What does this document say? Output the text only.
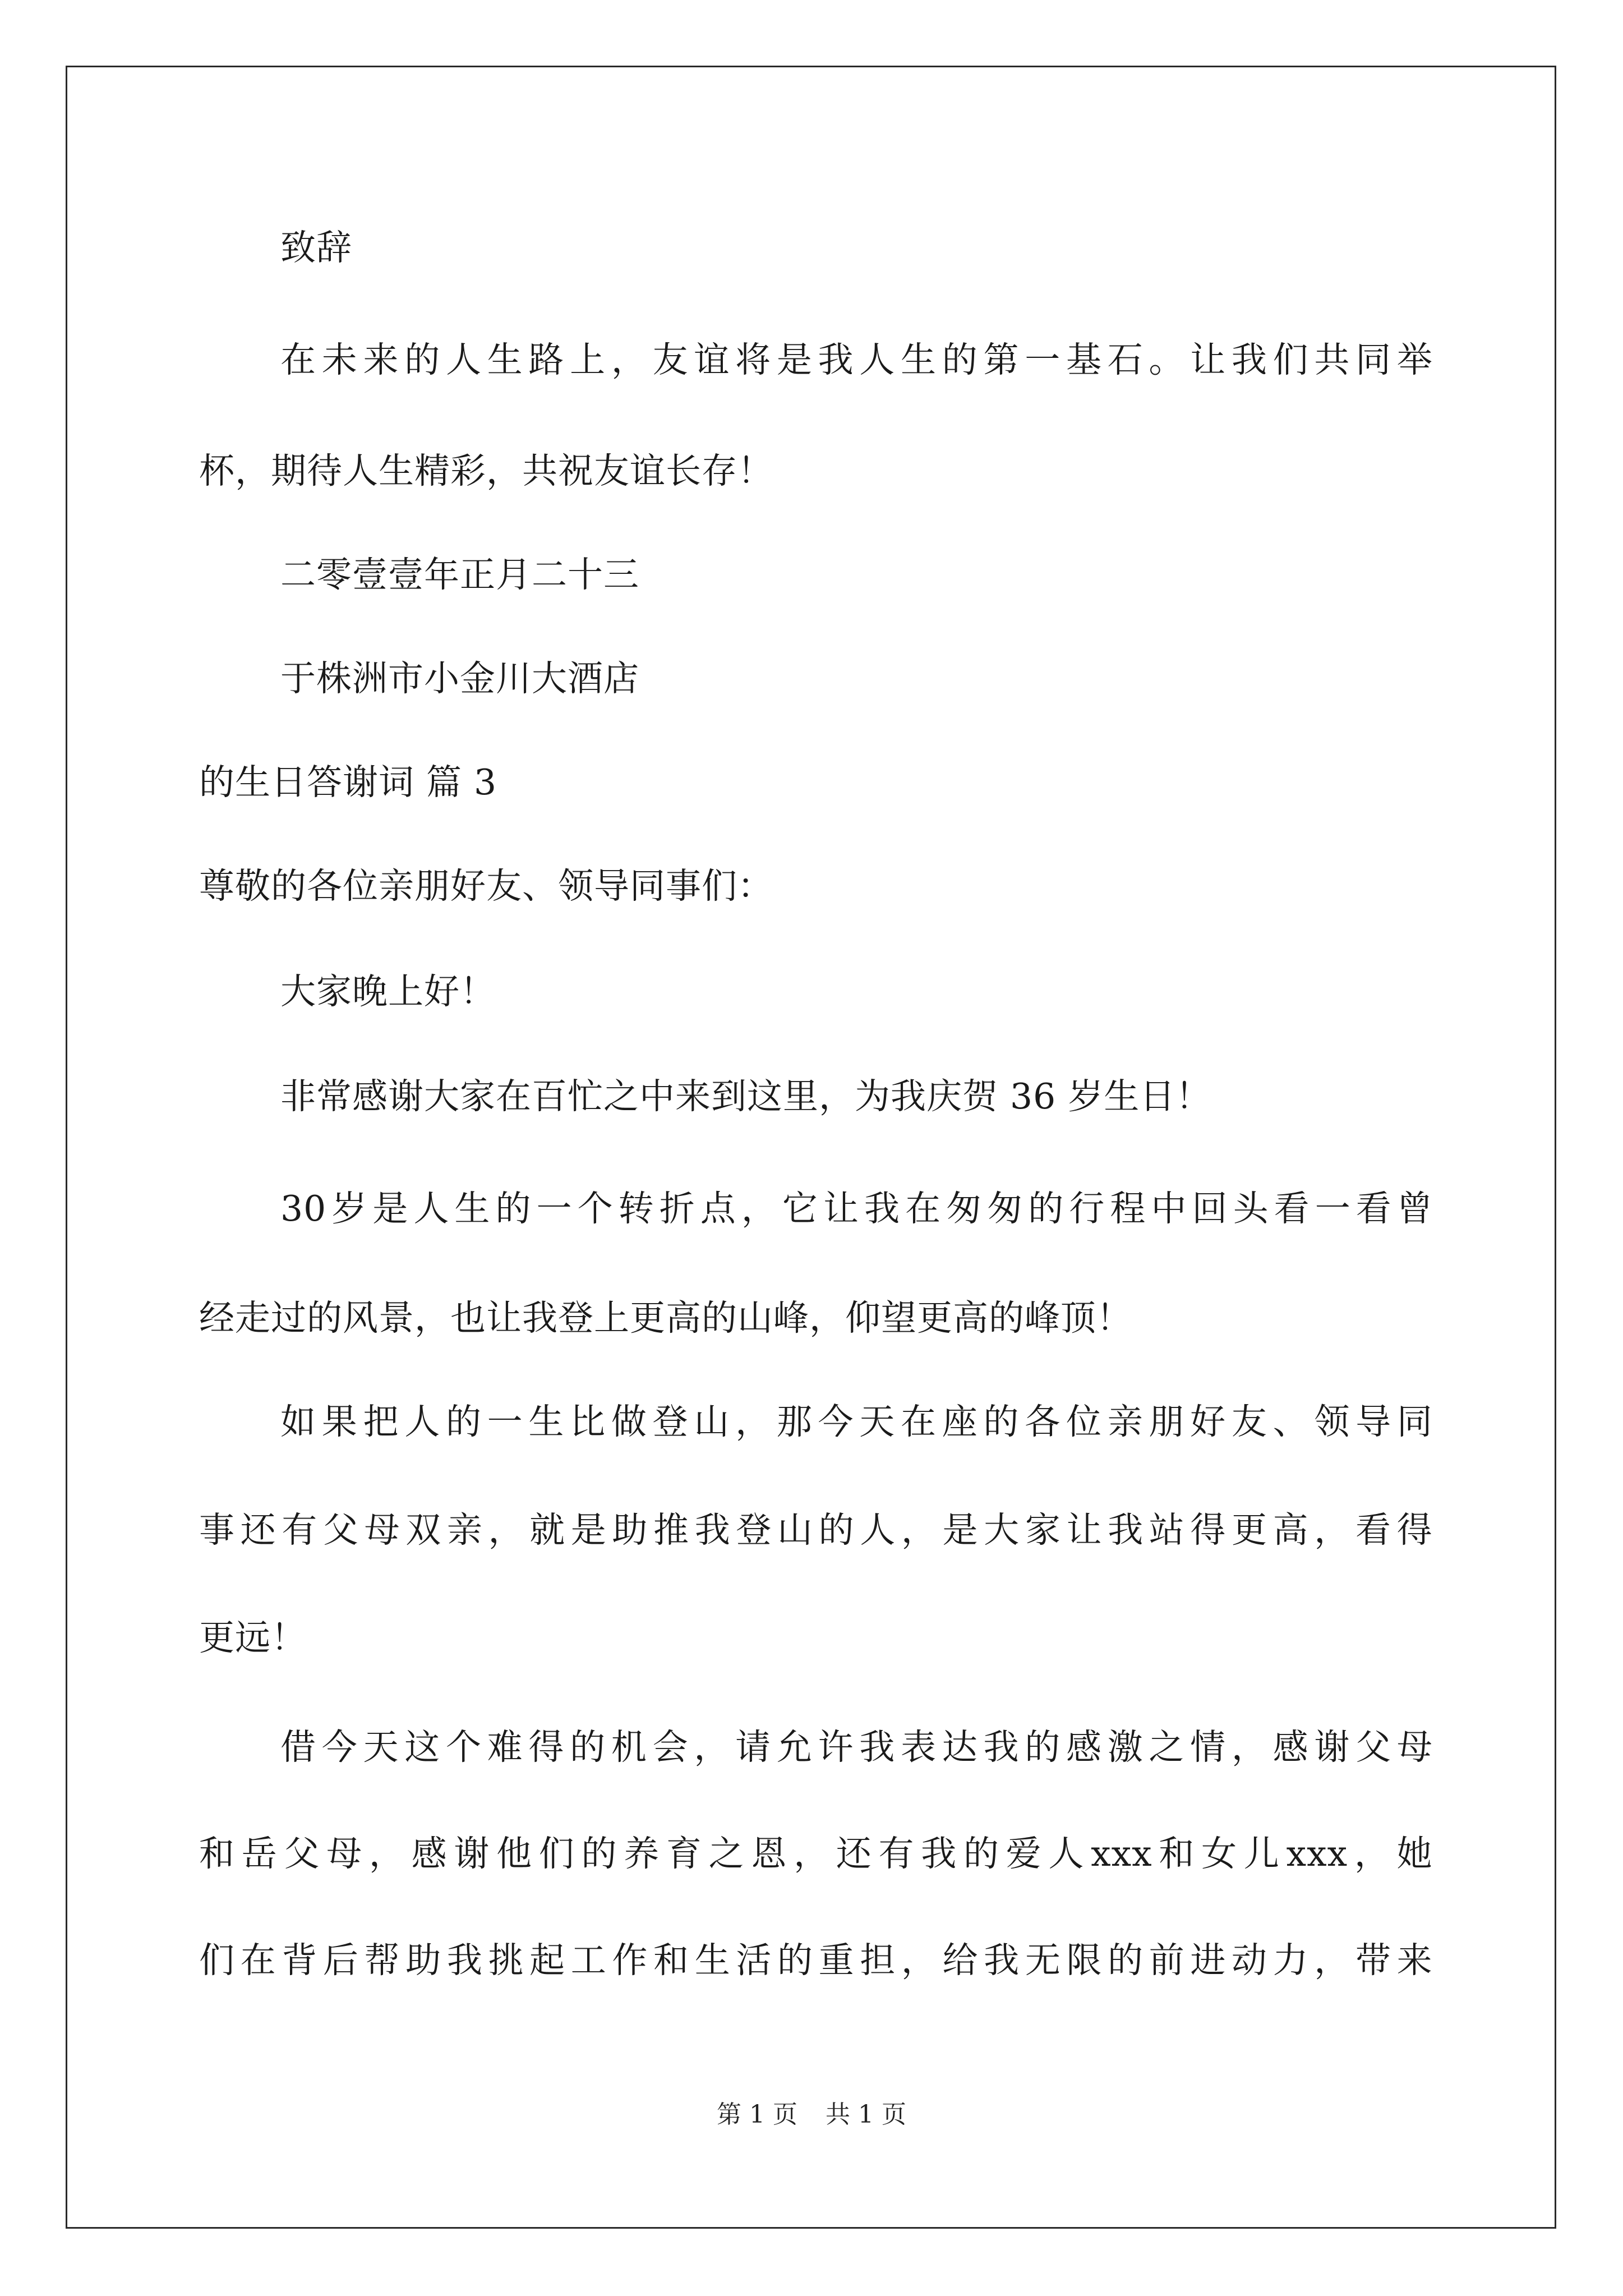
致辞
在 未 来 的 人 生 路 上 ， 友 谊 将 是 我 人 生 的 第 一 基 石 。 让 我 们 共 同 举
杯，期待人生精彩，共祝友谊长存！
二零壹壹年正月二十三
于株洲市小金川大酒店
的生日答谢词 篇 3
尊敬的各位亲朋好友、领导同事们：
大家晚上好！
非常感谢大家在百忙之中来到这里，为我庆贺 36 岁生日！
30 岁 是 人 生 的 一 个 转 折 点 ， 它 让 我 在 匆 匆 的 行 程 中 回 头 看 一 看 曾
经走过的风景，也让我登上更高的山峰，仰望更高的峰顶！
如 果 把 人 的 一 生 比 做 登 山 ， 那 今 天 在 座 的 各 位 亲 朋 好 友 、 领 导 同
事 还 有 父 母 双 亲 ， 就 是 助 推 我 登 山 的 人 ， 是 大 家 让 我 站 得 更 高 ， 看 得
更远！
借 今 天 这 个 难 得 的 机 会 ， 请 允 许 我 表 达 我 的 感 激 之 情 ， 感 谢 父 母
和 岳 父 母 ， 感 谢 他 们 的 养 育 之 恩 ， 还 有 我 的 爱 人 xxx 和 女 儿 xxx ， 她
们 在 背 后 帮 助 我 挑 起 工 作 和 生 活 的 重 担 ， 给 我 无 限 的 前 进 动 力 ， 带 来
第 1 页 共 1 页
